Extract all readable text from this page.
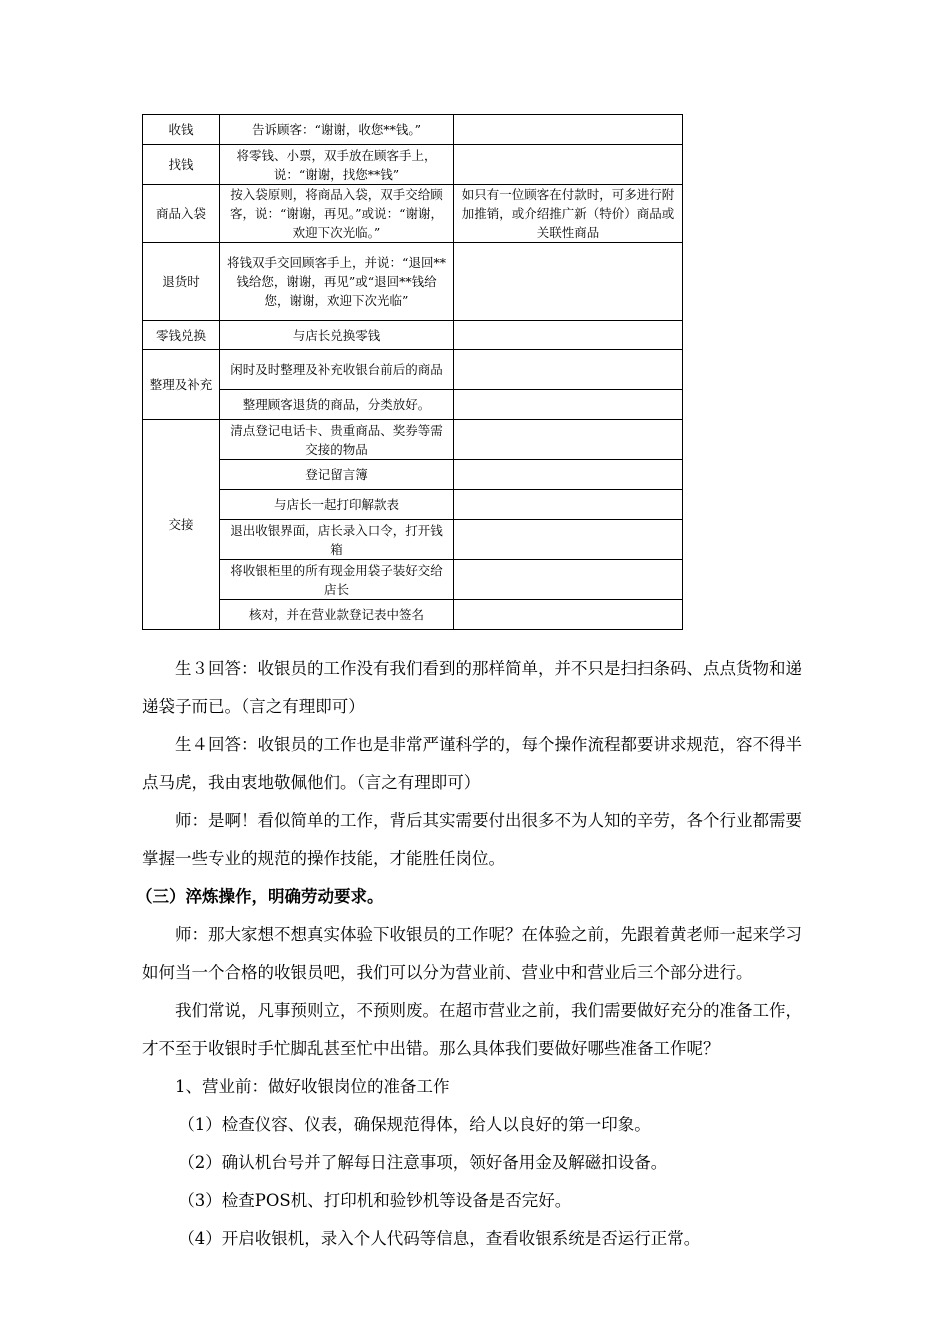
收钱	告诉顾客：“谢谢，收您**钱。”	
找钱	将零钱、小票，双手放在顾客手上，说：“谢谢，找您**钱”	
商品入袋	按入袋原则，将商品入袋，双手交给顾客，说：“谢谢，再见。”或说：“谢谢，欢迎下次光临。”	如只有一位顾客在付款时，可多进行附加推销，或介绍推广新（特价）商品或关联性商品
退货时	将钱双手交回顾客手上，并说：“退回**钱给您，谢谢，再见”或“退回**钱给您，谢谢，欢迎下次光临”	
零钱兑换	与店长兑换零钱	
整理及补充	闲时及时整理及补充收银台前后的商品	
	整理顾客退货的商品，分类放好。	
交接	清点登记电话卡、贵重商品、奖券等需交接的物品	
	登记留言簿	
	与店长一起打印解款表	
	退出收银界面，店长录入口令，打开钱箱	
	将收银柜里的所有现金用袋子装好交给店长	
	核对，并在营业款登记表中签名	

生３回答：收银员的工作没有我们看到的那样简单，并不只是扫扫条码、点点货物和递递袋子而已。（言之有理即可）

生４回答：收银员的工作也是非常严谨科学的，每个操作流程都要讲求规范，容不得半点马虎，我由衷地敬佩他们。（言之有理即可）

师：是啊！看似简单的工作，背后其实需要付出很多不为人知的辛劳，各个行业都需要掌握一些专业的规范的操作技能，才能胜任岗位。

（三）淬炼操作，明确劳动要求。

师：那大家想不想真实体验下收银员的工作呢？在体验之前，先跟着黄老师一起来学习如何当一个合格的收银员吧，我们可以分为营业前、营业中和营业后三个部分进行。

我们常说，凡事预则立，不预则废。在超市营业之前，我们需要做好充分的准备工作，才不至于收银时手忙脚乱甚至忙中出错。那么具体我们要做好哪些准备工作呢？

1、营业前：做好收银岗位的准备工作

（1）检查仪容、仪表，确保规范得体，给人以良好的第一印象。

（2）确认机台号并了解每日注意事项，领好备用金及解磁扣设备。

（3）检查POS机、打印机和验钞机等设备是否完好。

（4）开启收银机，录入个人代码等信息，查看收银系统是否运行正常。
